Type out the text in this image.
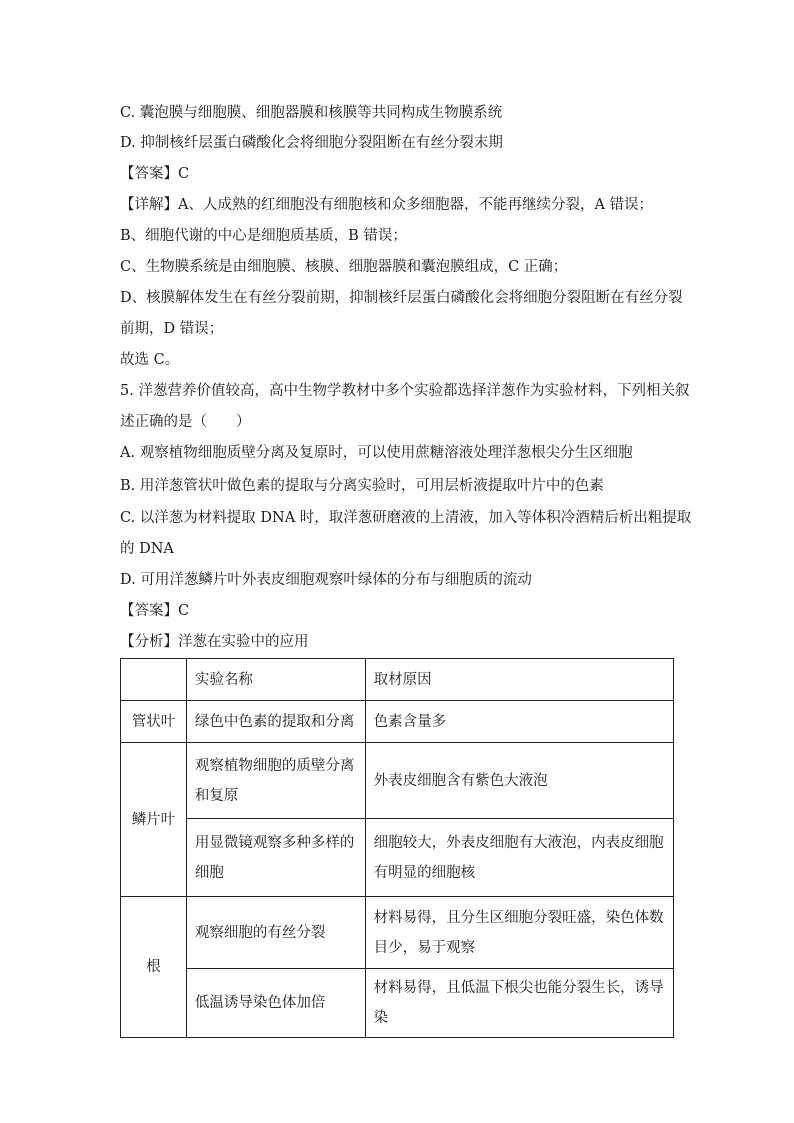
C. 囊泡膜与细胞膜、细胞器膜和核膜等共同构成生物膜系统
D. 抑制核纤层蛋白磷酸化会将细胞分裂阻断在有丝分裂末期
【答案】C
【详解】A、人成熟的红细胞没有细胞核和众多细胞器，不能再继续分裂，A 错误；
B、细胞代谢的中心是细胞质基质，B 错误；
C、生物膜系统是由细胞膜、核膜、细胞器膜和囊泡膜组成，C 正确；
D、核膜解体发生在有丝分裂前期，抑制核纤层蛋白磷酸化会将细胞分裂阻断在有丝分裂
前期，D 错误；
故选 C。
5. 洋葱营养价值较高，高中生物学教材中多个实验都选择洋葱作为实验材料，下列相关叙
述正确的是（　　）
A. 观察植物细胞质壁分离及复原时，可以使用蔗糖溶液处理洋葱根尖分生区细胞
B. 用洋葱管状叶做色素的提取与分离实验时，可用层析液提取叶片中的色素
C. 以洋葱为材料提取 DNA 时，取洋葱研磨液的上清液，加入等体积冷酒精后析出粗提取
的 DNA
D. 可用洋葱鳞片叶外表皮细胞观察叶绿体的分布与细胞质的流动
【答案】C
【分析】洋葱在实验中的应用
	实验名称	取材原因
管状叶	绿色中色素的提取和分离	色素含量多
鳞片叶	观察植物细胞的质壁分离和复原	外表皮细胞含有紫色大液泡
	用显微镜观察多种多样的细胞	细胞较大，外表皮细胞有大液泡，内表皮细胞有明显的细胞核
根	观察细胞的有丝分裂	材料易得，且分生区细胞分裂旺盛，染色体数目少，易于观察
	低温诱导染色体加倍	材料易得，且低温下根尖也能分裂生长，诱导染
